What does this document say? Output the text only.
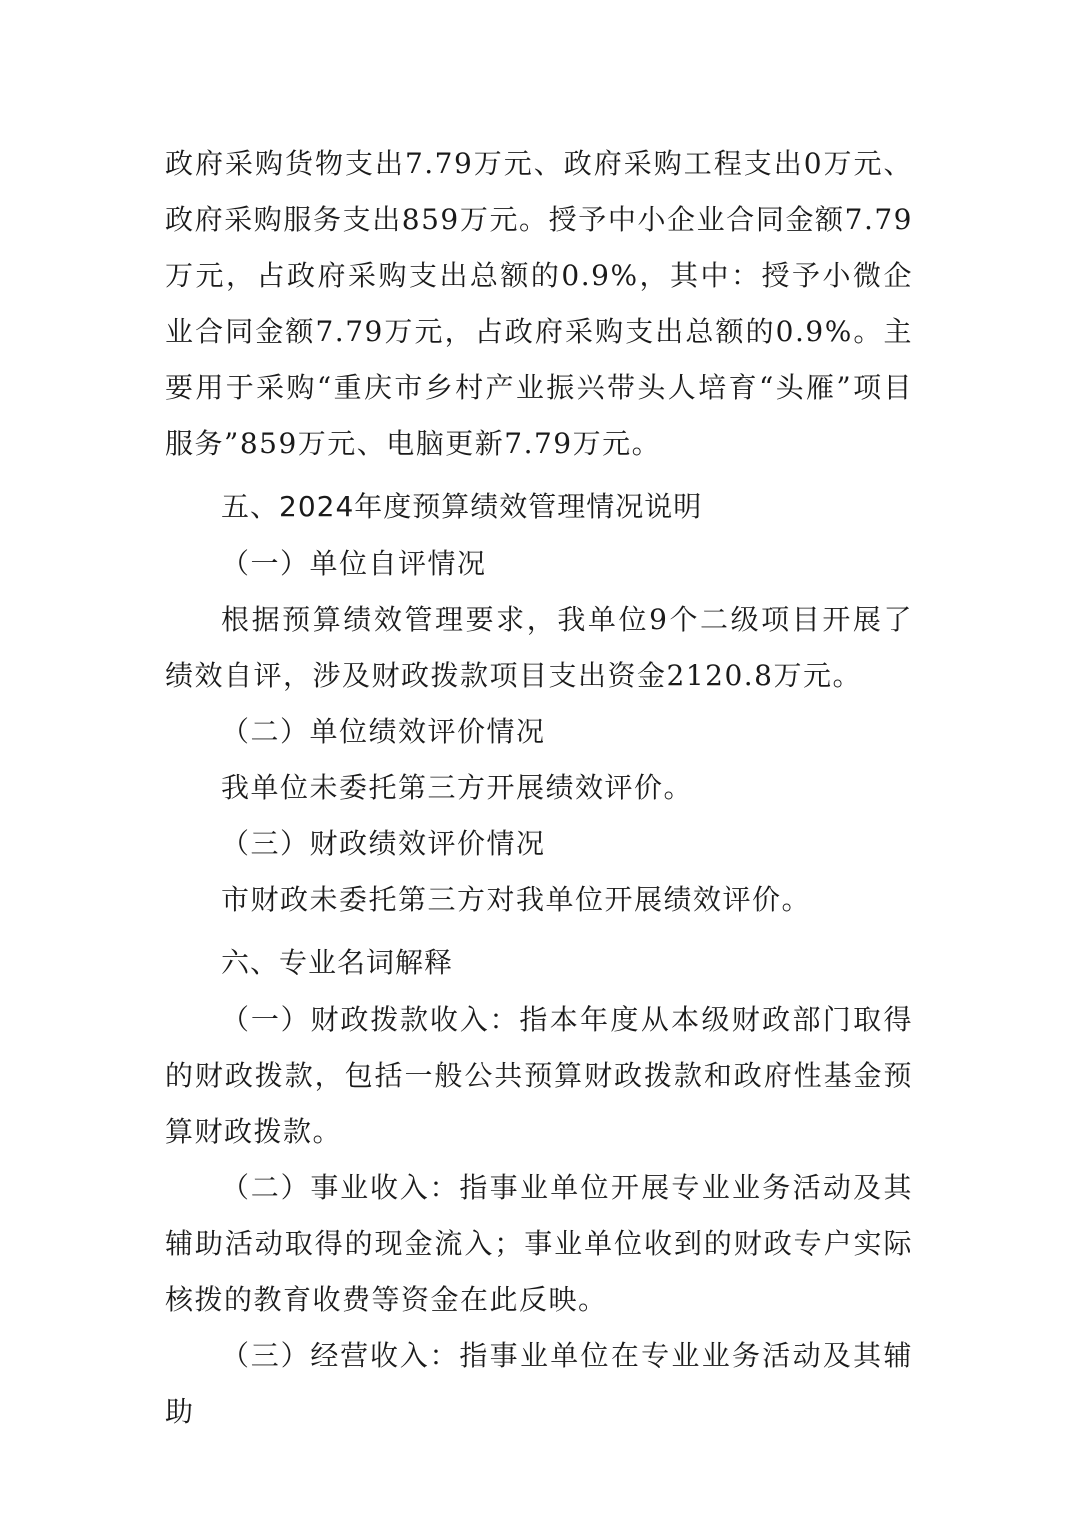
政府采购货物支出7.79万元、政府采购工程支出0万元、政府采购服务支出859万元。授予中小企业合同金额7.79万元，占政府采购支出总额的0.9%，其中：授予小微企业合同金额7.79万元，占政府采购支出总额的0.9%。主要用于采购“重庆市乡村产业振兴带头人培育“头雁”项目服务”859万元、电脑更新7.79万元。

五、2024年度预算绩效管理情况说明
（一）单位自评情况

根据预算绩效管理要求，我单位9个二级项目开展了绩效自评，涉及财政拨款项目支出资金2120.8万元。

（二）单位绩效评价情况

我单位未委托第三方开展绩效评价。

（三）财政绩效评价情况

市财政未委托第三方对我单位开展绩效评价。

六、专业名词解释

（一）财政拨款收入：指本年度从本级财政部门取得的财政拨款，包括一般公共预算财政拨款和政府性基金预算财政拨款。

（二）事业收入：指事业单位开展专业业务活动及其辅助活动取得的现金流入；事业单位收到的财政专户实际核拨的教育收费等资金在此反映。

（三）经营收入：指事业单位在专业业务活动及其辅助
